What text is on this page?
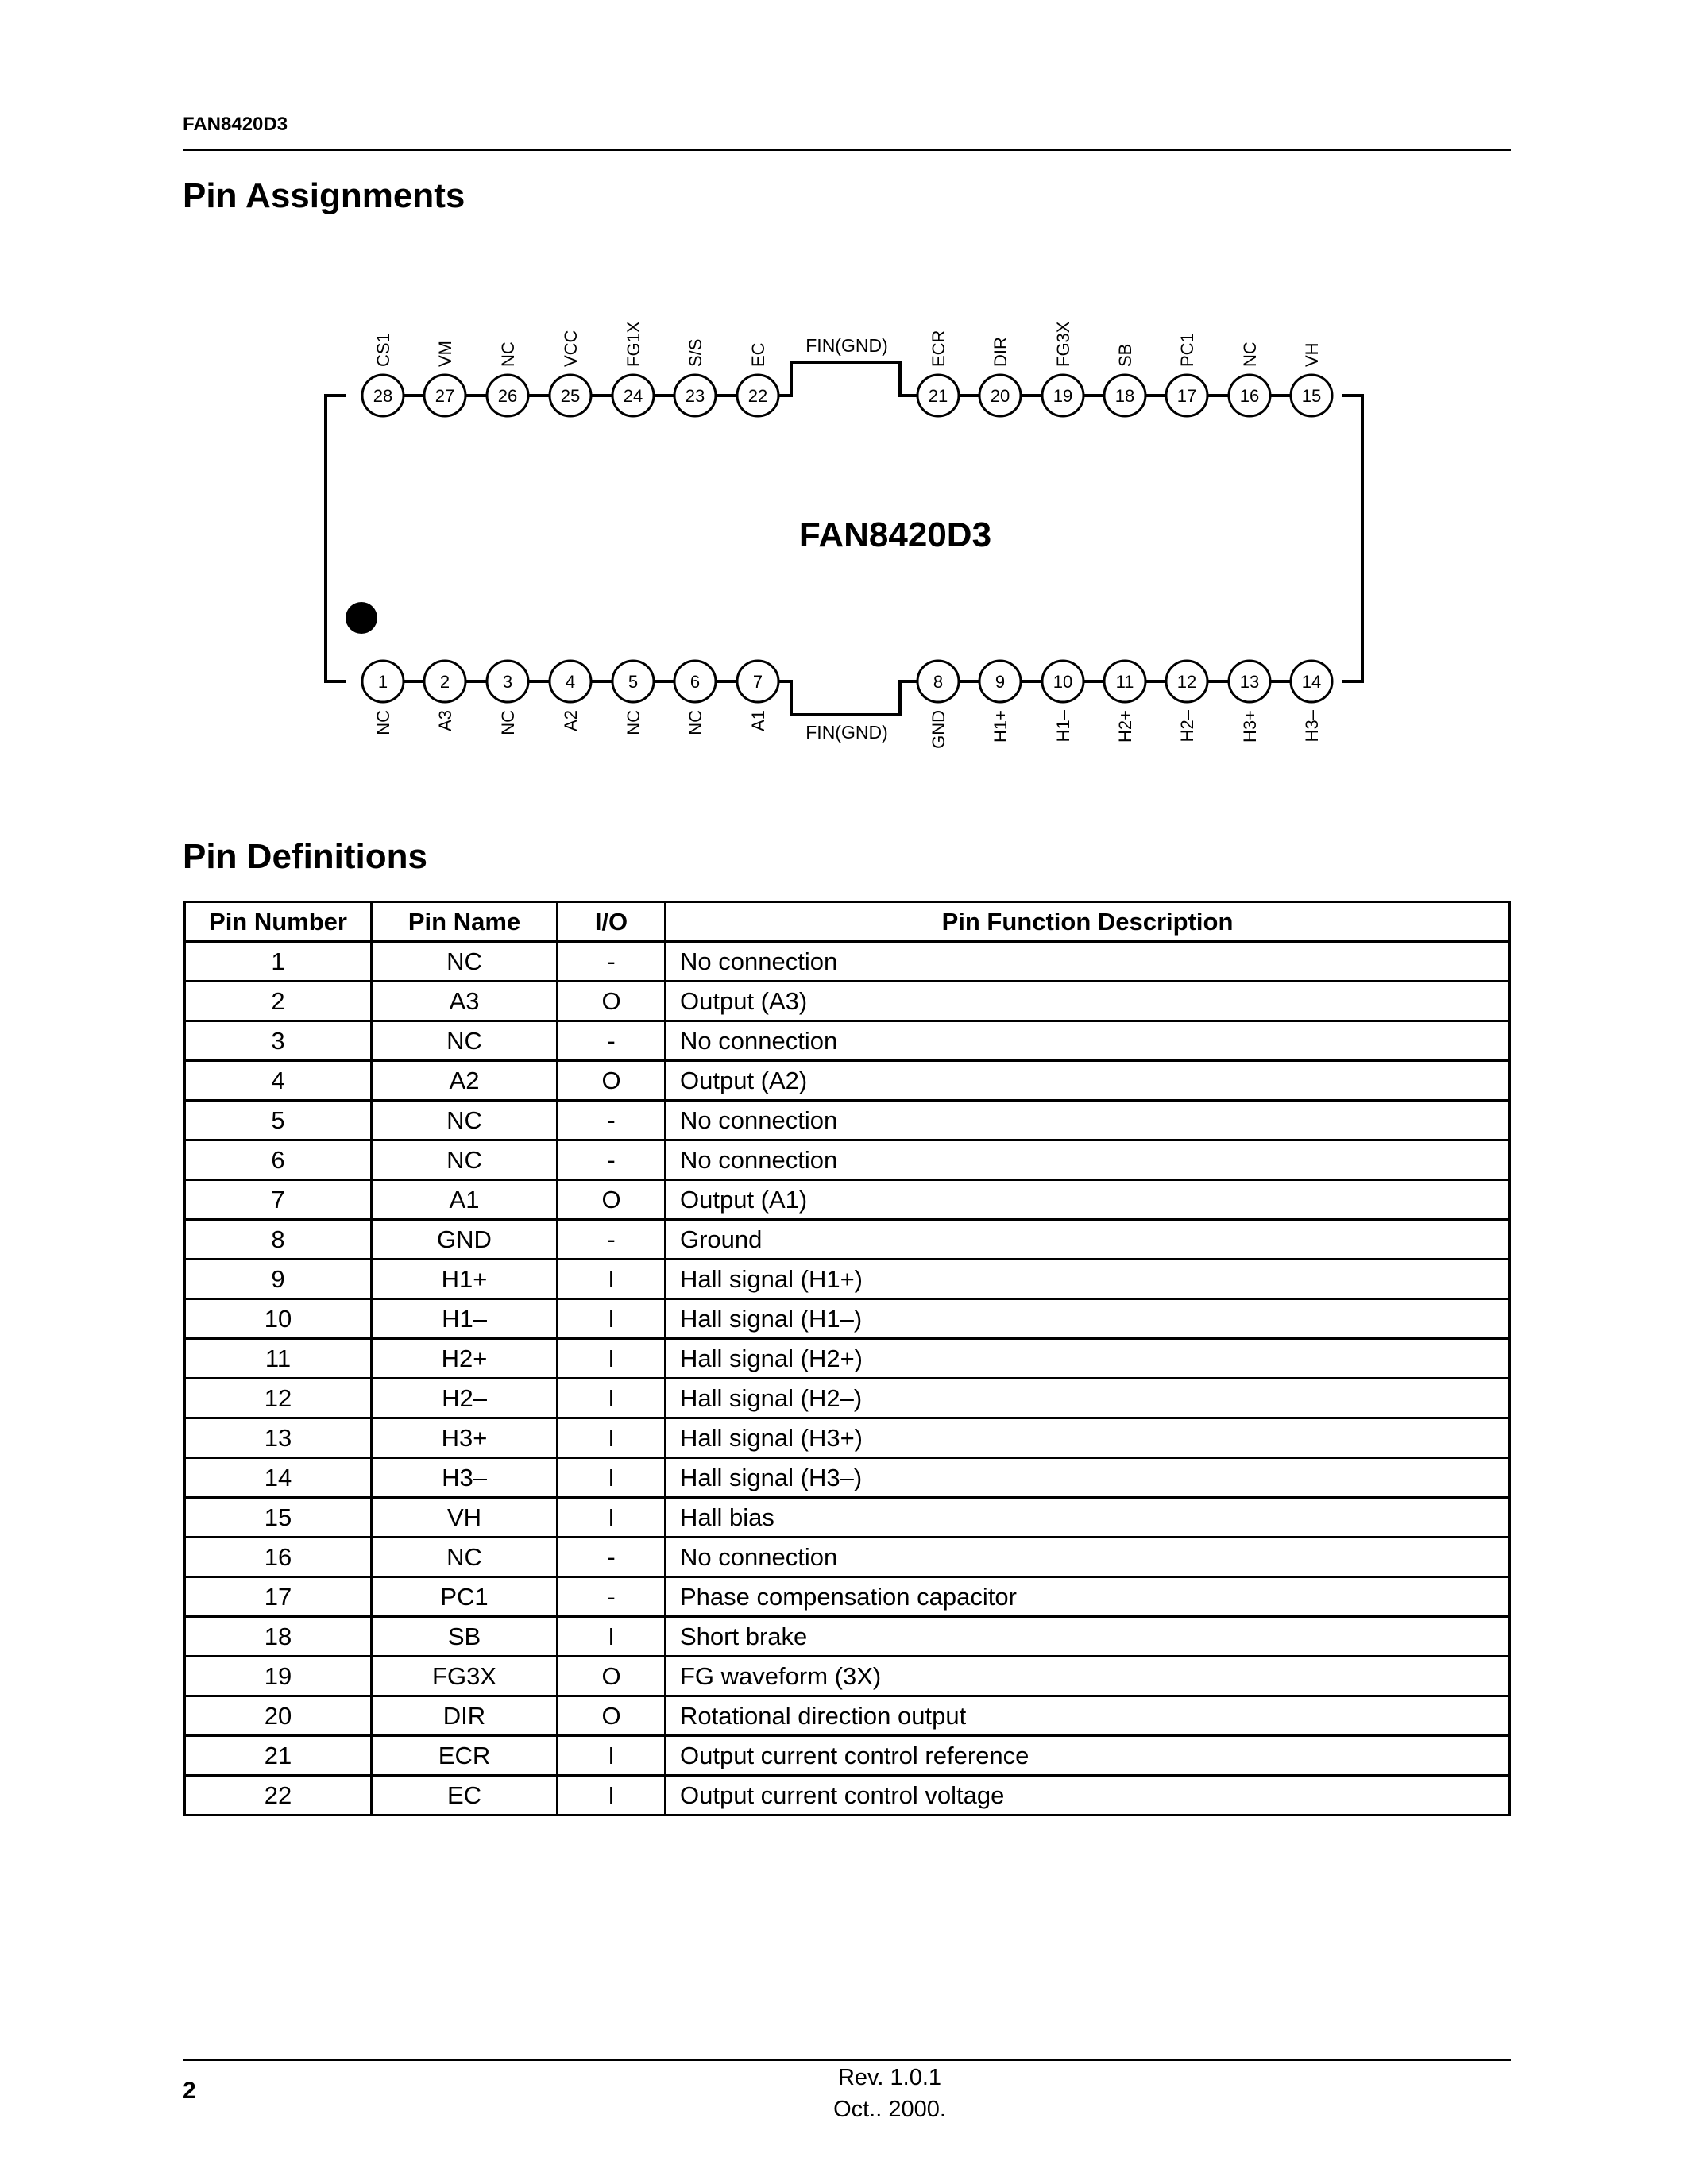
FAN8420D3
Pin Assignments
FAN8420D3
FIN(GND)
FIN(GND)
28
CS1
27
VM
26
NC
25
VCC
24
FG1X
23
S/S
22
EC
21
ECR
20
DIR
19
FG3X
18
SB
17
PC1
16
NC
15
VH
1
NC
2
A3
3
NC
4
A2
5
NC
6
NC
7
A1
8
GND
9
H1+
10
H1–
11
H2+
12
H2–
13
H3+
14
H3–
Pin Definitions
Pin Number	Pin Name	I/O	Pin Function Description
1	NC	-	No connection
2	A3	O	Output (A3)
3	NC	-	No connection
4	A2	O	Output (A2)
5	NC	-	No connection
6	NC	-	No connection
7	A1	O	Output (A1)
8	GND	-	Ground
9	H1+	I	Hall signal (H1+)
10	H1–	I	Hall signal (H1–)
11	H2+	I	Hall signal (H2+)
12	H2–	I	Hall signal (H2–)
13	H3+	I	Hall signal (H3+)
14	H3–	I	Hall signal (H3–)
15	VH	I	Hall bias
16	NC	-	No connection
17	PC1	-	Phase compensation capacitor
18	SB	I	Short brake
19	FG3X	O	FG waveform (3X)
20	DIR	O	Rotational direction output
21	ECR	I	Output current control reference
22	EC	I	Output current control voltage
2	Rev. 1.0.1
Oct.. 2000.
